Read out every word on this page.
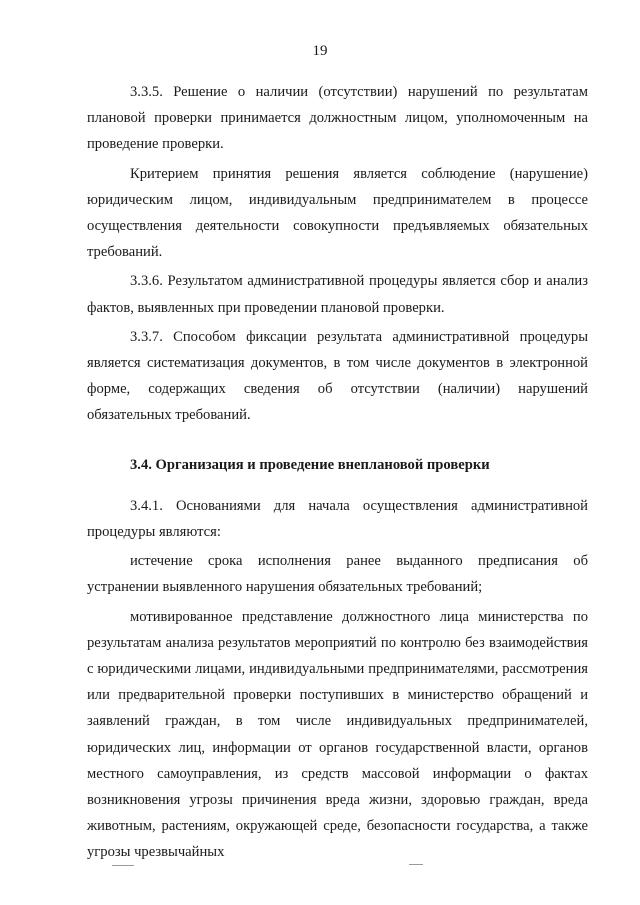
19

3.3.5. Решение о наличии (отсутствии) нарушений по результатам плановой проверки принимается должностным лицом, уполномоченным на проведение проверки.

Критерием принятия решения является соблюдение (нарушение) юридическим лицом, индивидуальным предпринимателем в процессе осуществления деятельности совокупности предъявляемых обязательных требований.

3.3.6. Результатом административной процедуры является сбор и анализ фактов, выявленных при проведении плановой проверки.

3.3.7. Способом фиксации результата административной процедуры является систематизация документов, в том числе документов в электронной форме, содержащих сведения об отсутствии (наличии) нарушений обязательных требований.

3.4. Организация и проведение внеплановой проверки

3.4.1. Основаниями для начала осуществления административной процедуры являются:

истечение срока исполнения ранее выданного предписания об устранении выявленного нарушения обязательных требований;

мотивированное представление должностного лица министерства по результатам анализа результатов мероприятий по контролю без взаимодействия с юридическими лицами, индивидуальными предпринимателями, рассмотрения или предварительной проверки поступивших в министерство обращений и заявлений граждан, в том числе индивидуальных предпринимателей, юридических лиц, информации от органов государственной власти, органов местного самоуправления, из средств массовой информации о фактах возникновения угрозы причинения вреда жизни, здоровью граждан, вреда животным, растениям, окружающей среде, безопасности государства, а также угрозы чрезвычайных
